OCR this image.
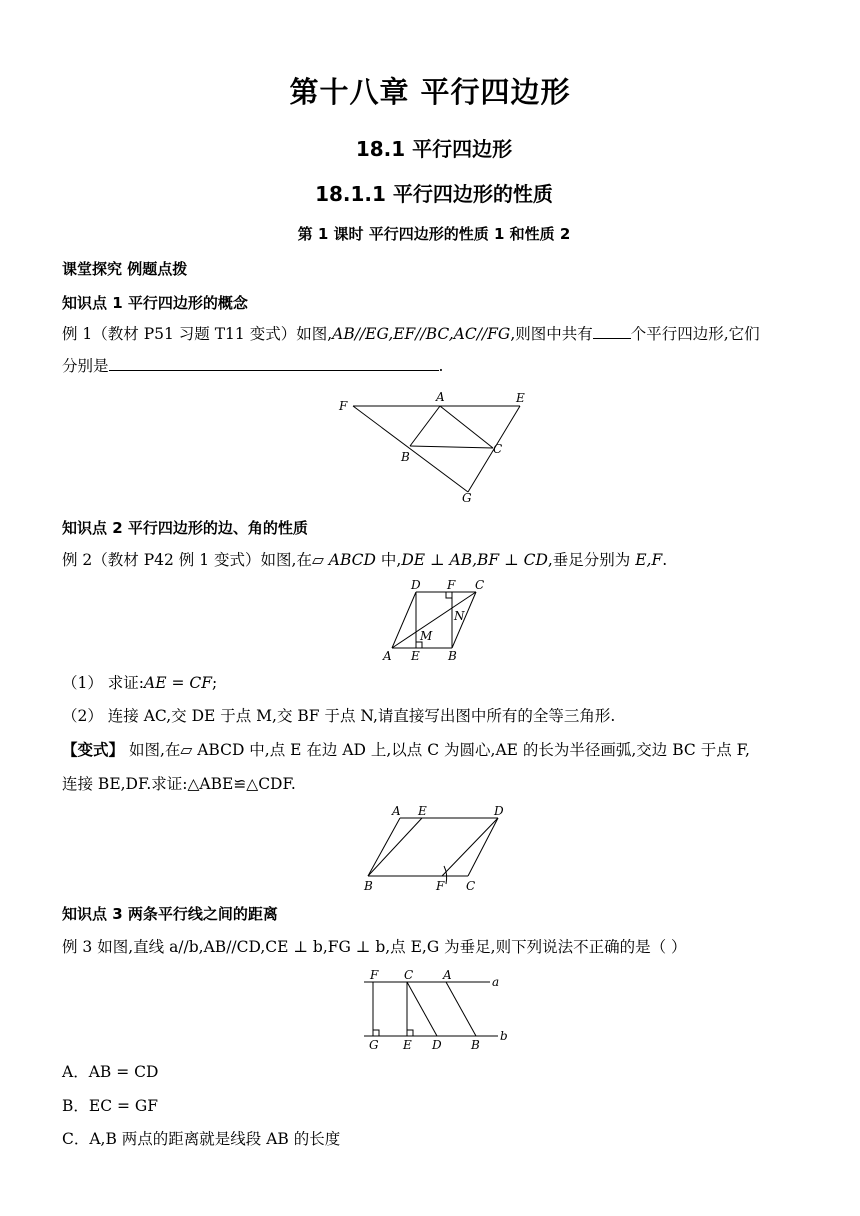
第十八章 平行四边形
18.1 平行四边形
18.1.1 平行四边形的性质
第 1 课时 平行四边形的性质 1 和性质 2
课堂探究 例题点拨
知识点 1 平行四边形的概念
例 1（教材 P51 习题 T11 变式）如图,AB//EG,EF//BC,AC//FG,则图中共有 个平行四边形,它们
分别是	.
F
A	E
B
C
G
知识点 2 平行四边形的边、角的性质
例 2（教材 P42 例 1 变式）如图,在▱ ABCD 中,DE ⊥ AB,BF ⊥ CD,垂足分别为 E,F.
D F C
N
M
A E B
（1） 求证:AE = CF;
（2） 连接 AC,交 DE 于点 M,交 BF 于点 N,请直接写出图中所有的全等三角形.
【变式】 如图,在▱ ABCD 中,点 E 在边 AD 上,以点 C 为圆心,AE 的长为半径画弧,交边 BC 于点 F,
连接 BE,DF.求证:△ABE≌△CDF.
A E	D
B	F C
知识点 3 两条平行线之间的距离
例 3 如图,直线 a//b,AB//CD,CE ⊥ b,FG ⊥ b,点 E,G 为垂足,则下列说法不正确的是（ ）
F C A	a
G E D B
b
A．AB = CD
B．EC = GF
C．A,B 两点的距离就是线段 AB 的长度
